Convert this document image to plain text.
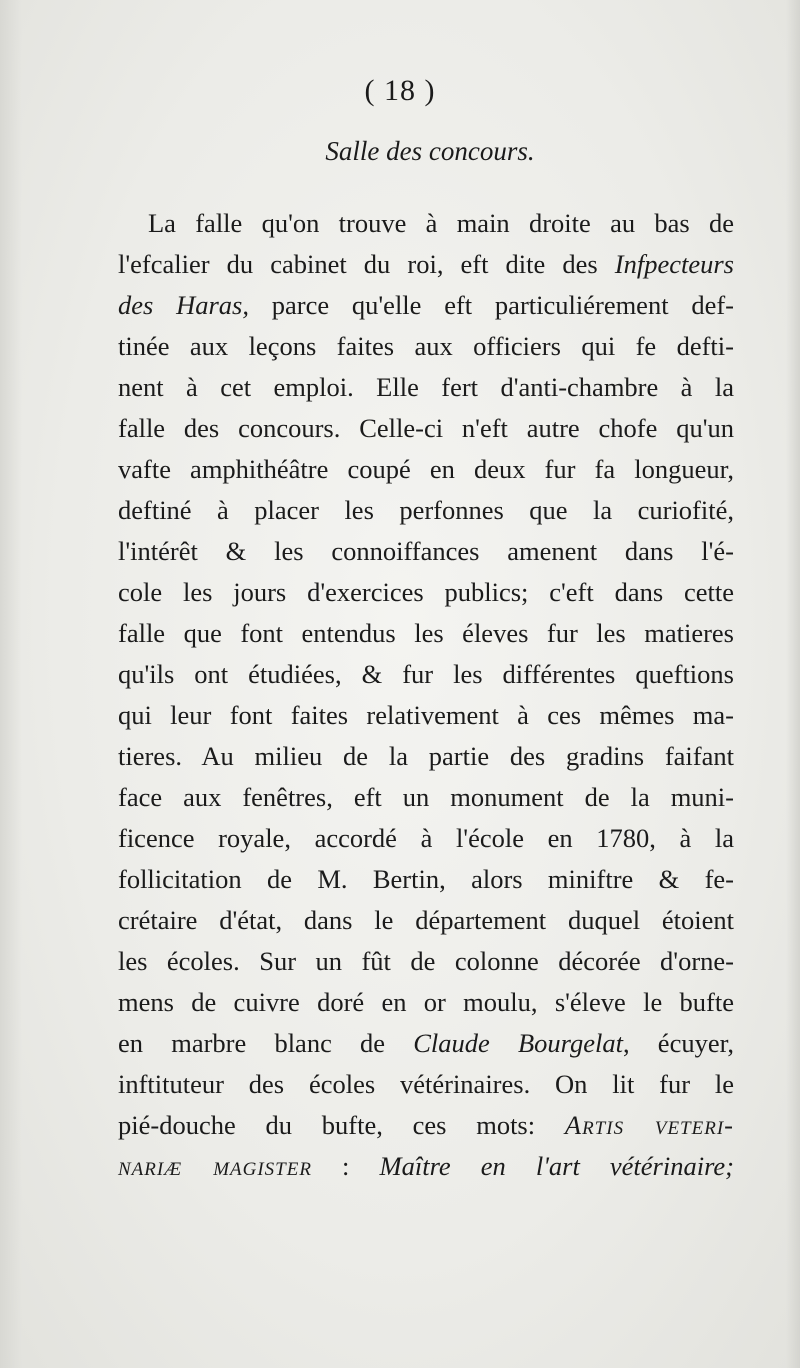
( 18 )
Salle des concours.
La falle qu'on trouve à main droite au bas de
l'efcalier du cabinet du roi, eft dite des Infpecteurs
des Haras, parce qu'elle eft particuliérement def-
tinée aux leçons faites aux officiers qui fe defti-
nent à cet emploi. Elle fert d'anti-chambre à la
falle des concours. Celle-ci n'eft autre chofe qu'un
vafte amphithéâtre coupé en deux fur fa longueur,
deftiné à placer les perfonnes que la curiofité,
l'intérêt & les connoiffances amenent dans l'é-
cole les jours d'exercices publics; c'eft dans cette
falle que font entendus les éleves fur les matieres
qu'ils ont étudiées, & fur les différentes queftions
qui leur font faites relativement à ces mêmes ma-
tieres. Au milieu de la partie des gradins faifant
face aux fenêtres, eft un monument de la muni-
ficence royale, accordé à l'école en 1780, à la
follicitation de M. Bertin, alors miniftre & fe-
crétaire d'état, dans le département duquel étoient
les écoles. Sur un fût de colonne décorée d'orne-
mens de cuivre doré en or moulu, s'éleve le bufte
en marbre blanc de Claude Bourgelat, écuyer,
inftituteur des écoles vétérinaires. On lit fur le
pié-douche du bufte, ces mots: Artis veteri-
nariæ magister : Maître en l'art vétérinaire;
